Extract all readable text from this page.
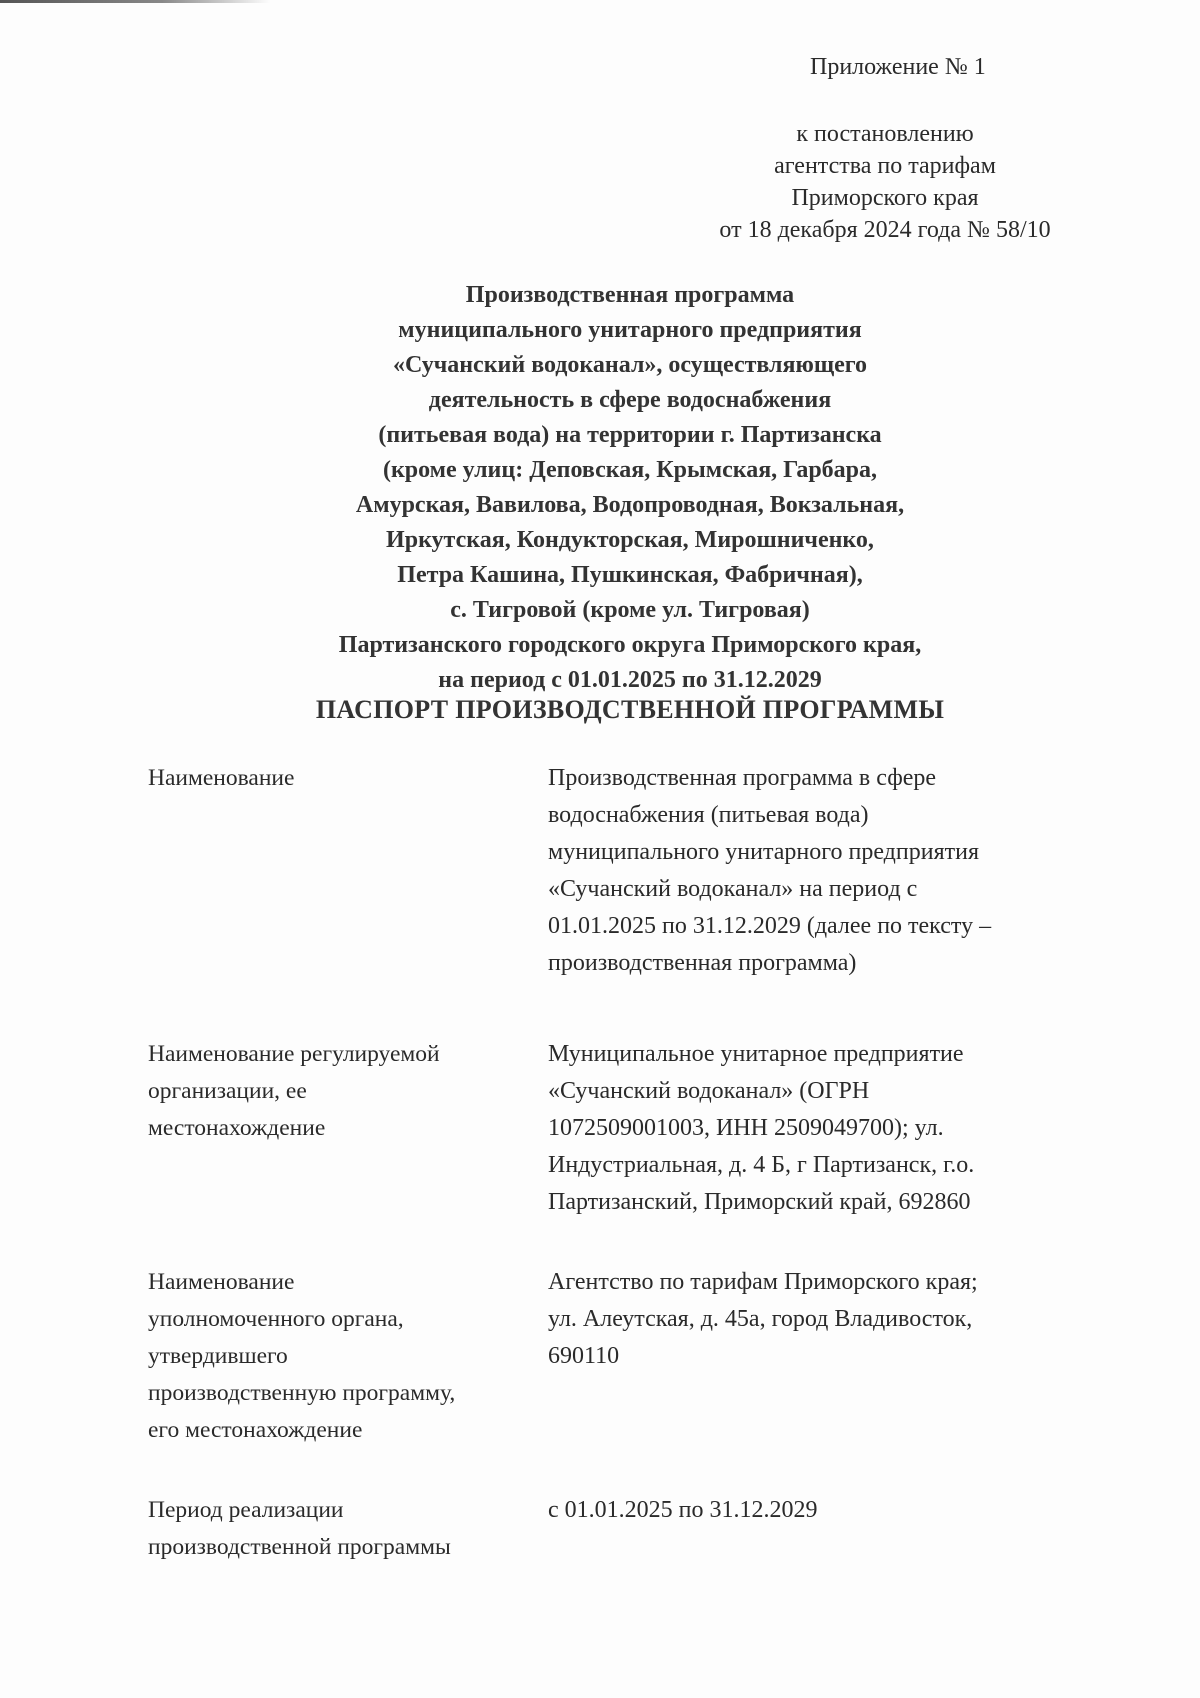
Приложение № 1
к постановлению
агентства по тарифам
Приморского края
от 18 декабря 2024 года № 58/10
Производственная программа
муниципального унитарного предприятия
«Сучанский водоканал», осуществляющего
деятельность в сфере водоснабжения
(питьевая вода) на территории г. Партизанска
(кроме улиц: Деповская, Крымская, Гарбара,
Амурская, Вавилова, Водопроводная, Вокзальная,
Иркутская, Кондукторская, Мирошниченко,
Петра Кашина, Пушкинская, Фабричная),
с. Тигровой (кроме ул. Тигровая)
Партизанского городского округа Приморского края,
на период с 01.01.2025 по 31.12.2029
ПАСПОРТ ПРОИЗВОДСТВЕННОЙ ПРОГРАММЫ
Наименование	Производственная программа в сфере
водоснабжения (питьевая вода)
муниципального унитарного предприятия
«Сучанский водоканал» на период с
01.01.2025 по 31.12.2029 (далее по тексту –
производственная программа)
Наименование регулируемой
организации, ее
местонахождение
Муниципальное унитарное предприятие
«Сучанский водоканал» (ОГРН
1072509001003, ИНН 2509049700); ул.
Индустриальная, д. 4 Б, г Партизанск, г.о.
Партизанский, Приморский край, 692860
Наименование
уполномоченного органа,
утвердившего
производственную программу,
его местонахождение
Агентство по тарифам Приморского края;
ул. Алеутская, д. 45а, город Владивосток,
690110
Период реализации
производственной программы
с 01.01.2025 по 31.12.2029
